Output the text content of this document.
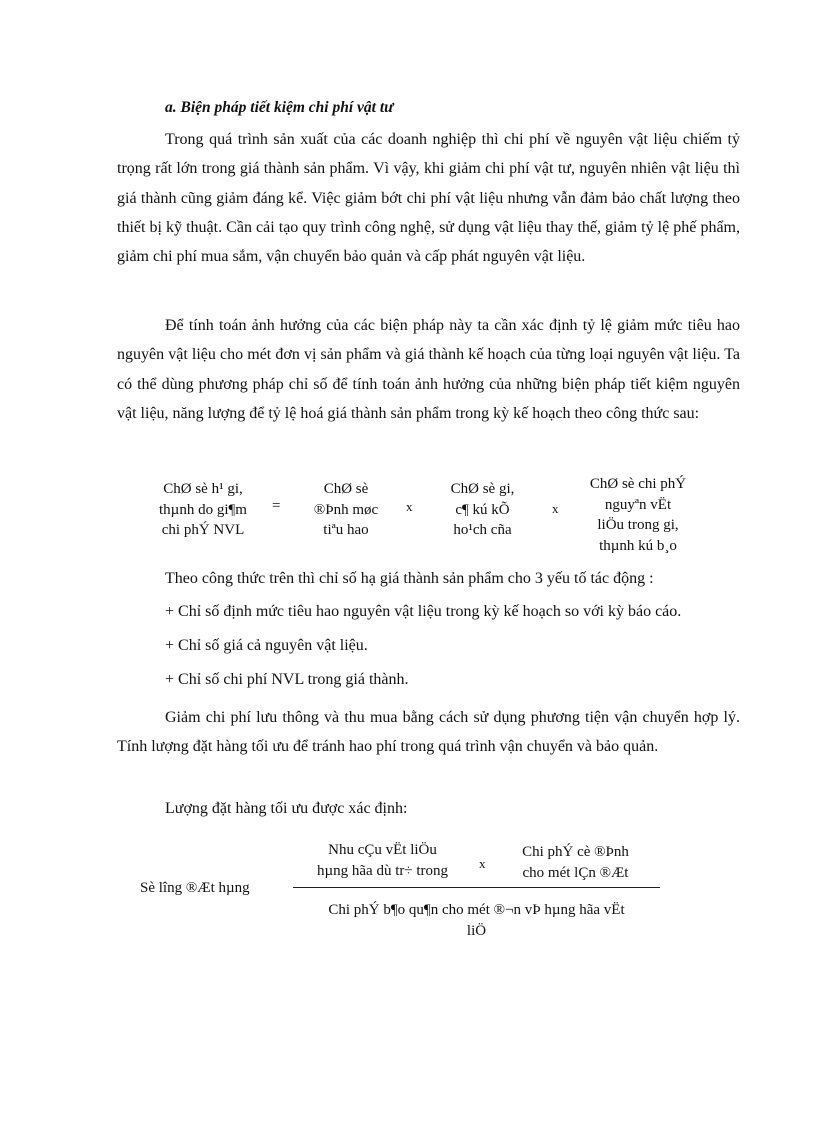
a. Biện pháp tiết kiệm chi phí vật tư

Trong quá trình sản xuất của các doanh nghiệp thì chi phí về nguyên vật liệu chiếm tỷ trọng rất lớn trong giá thành sản phẩm. Vì vậy, khi giảm chi phí vật tư, nguyên nhiên vật liệu thì giá thành cũng giảm đáng kể. Việc giảm bớt chi phí vật liệu nhưng vẫn đảm bảo chất lượng theo thiết bị kỹ thuật. Cần cải tạo quy trình công nghệ, sử dụng vật liệu thay thế, giảm tỷ lệ phế phẩm, giảm chi phí mua sắm, vận chuyển bảo quản và cấp phát nguyên vật liệu.

Để tính toán ảnh hưởng của các biện pháp này ta cần xác định tỷ lệ giảm mức tiêu hao nguyên vật liệu cho mét đơn vị sản phẩm và giá thành kế hoạch của từng loại nguyên vật liệu. Ta có thể dùng phương pháp chỉ số để tính toán ảnh hưởng của những biện pháp tiết kiệm nguyên vật liệu, năng lượng để tỷ lệ hoá giá thành sản phẩm trong kỳ kế hoạch theo công thức sau:

ChØ sè h¹ gi,
thµnh do gi¶m
chi phÝ NVL
=
ChØ sè
®Þnh møc
tiªu hao
x
ChØ sè gi,
c¶ kú kÕ
ho¹ch cña
x
ChØ sè chi phÝ
nguyªn vËt
liÖu trong gi,
thµnh kú b¸o
Theo công thức trên thì chỉ số hạ giá thành sản phẩm cho 3 yếu tố tác động :
+ Chỉ số định mức tiêu hao nguyên vật liệu trong kỳ kế hoạch so với kỳ báo cáo.
+ Chỉ số giá cả nguyên vật liệu.
+ Chỉ số chi phí NVL trong giá thành.

Giảm chi phí lưu thông và thu mua bằng cách sử dụng phương tiện vận chuyển hợp lý. Tính lượng đặt hàng tối ưu để tránh hao phí trong quá trình vận chuyển và bảo quản.

Lượng đặt hàng tối ưu được xác định:
Sè lîng ®Æt hµng
Nhu cÇu vËt liÖu
hµng hãa dù tr÷ trong	x
Chi phÝ cè ®Þnh
cho mét lÇn ®Æt
Chi phÝ b¶o qu¶n cho mét ®¬n vÞ hµng hãa vËt
liÖ
